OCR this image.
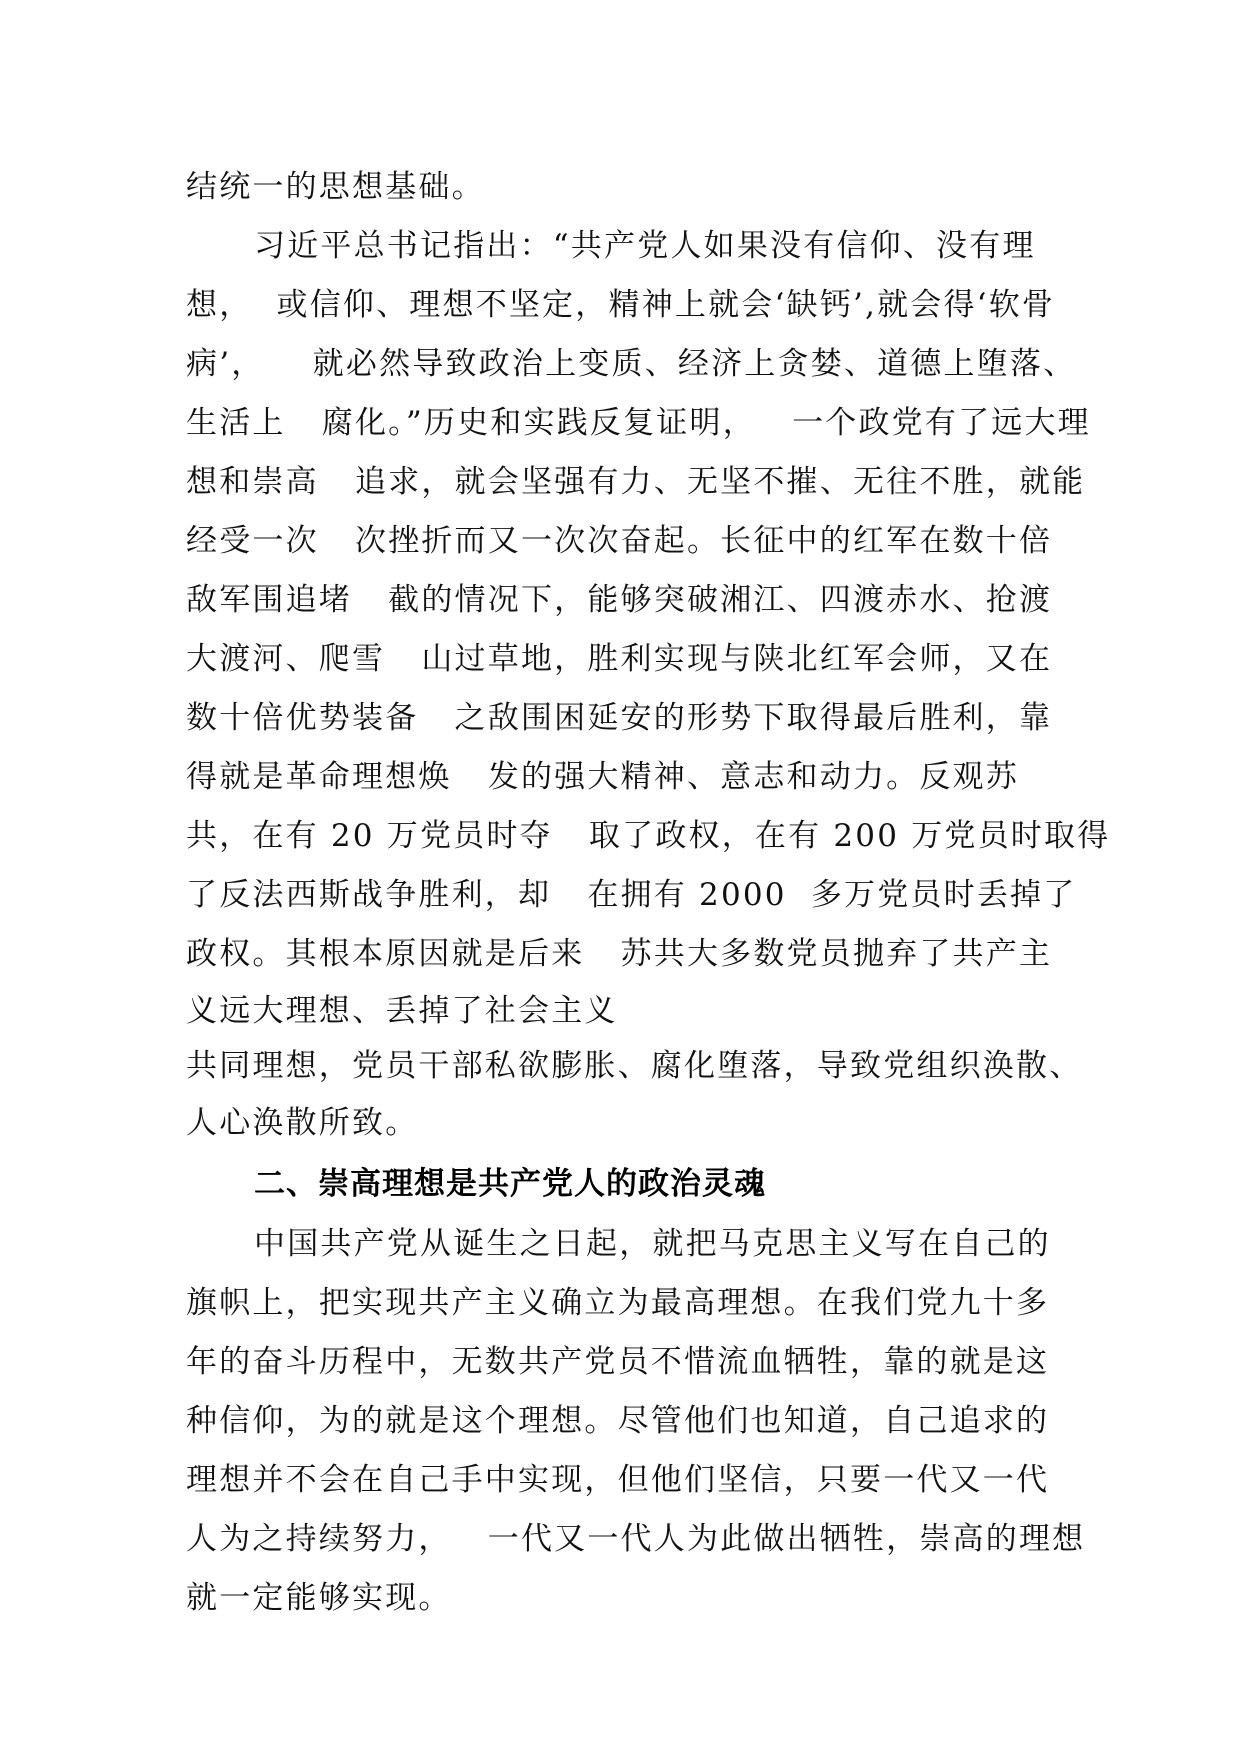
结统一的思想基础。
习近平总书记指出：“共产党人如果没有信仰、没有理
想，  或信仰、理想不坚定，精神上就会‘缺钙’,就会得‘软骨
病’，    就必然导致政治上变质、经济上贪婪、道德上堕落、
生活上   腐化。”历史和实践反复证明，   一个政党有了远大理
想和崇高   追求，就会坚强有力、无坚不摧、无往不胜，就能
经受一次   次挫折而又一次次奋起。长征中的红军在数十倍
敌军围追堵   截的情况下，能够突破湘江、四渡赤水、抢渡
大渡河、爬雪   山过草地，胜利实现与陕北红军会师，又在
数十倍优势装备   之敌围困延安的形势下取得最后胜利，靠
得就是革命理想焕   发的强大精神、意志和动力。反观苏
共，在有 20 万党员时夺   取了政权，在有 200 万党员时取得
了反法西斯战争胜利，却   在拥有 2000  多万党员时丢掉了
政权。其根本原因就是后来   苏共大多数党员抛弃了共产主
义远大理想、丢掉了社会主义
共同理想，党员干部私欲膨胀、腐化堕落，导致党组织涣散、
人心涣散所致。
二、崇高理想是共产党人的政治灵魂
中国共产党从诞生之日起，就把马克思主义写在自己的
旗帜上，把实现共产主义确立为最高理想。在我们党九十多
年的奋斗历程中，无数共产党员不惜流血牺牲，靠的就是这
种信仰，为的就是这个理想。尽管他们也知道，自己追求的
理想并不会在自己手中实现，但他们坚信，只要一代又一代
人为之持续努力，   一代又一代人为此做出牺牲，崇高的理想
就一定能够实现。
